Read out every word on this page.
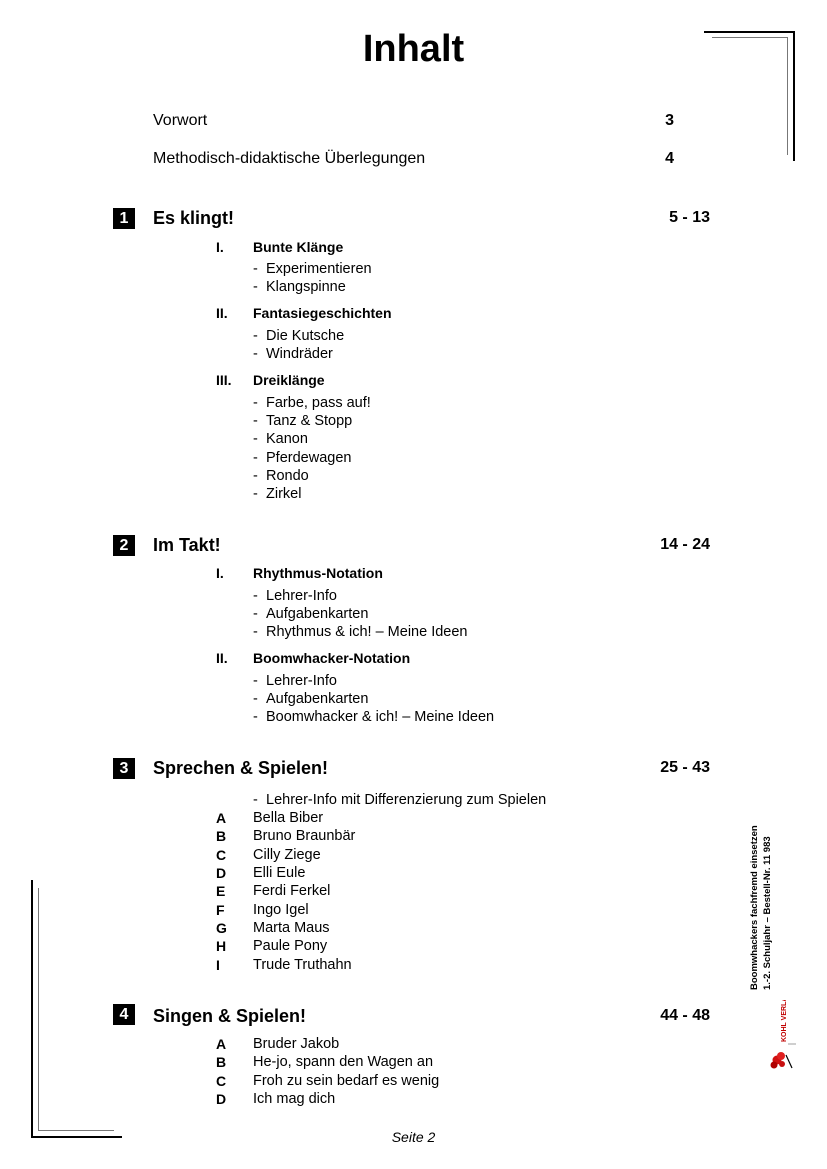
Inhalt
Vorwort	3
Methodisch-didaktische Überlegungen	4
1	Es klingt!	5 - 13
I. Bunte Klänge
- Experimentieren
- Klangspinne
II. Fantasiegeschichten
- Die Kutsche
- Windräder
III. Dreiklänge
- Farbe, pass auf!
- Tanz & Stopp
- Kanon
- Pferdewagen
- Rondo
- Zirkel
2	Im Takt!	14 - 24
I. Rhythmus-Notation
- Lehrer-Info
- Aufgabenkarten
- Rhythmus & ich! – Meine Ideen
II. Boomwhacker-Notation
- Lehrer-Info
- Aufgabenkarten
- Boomwhacker & ich! – Meine Ideen
3	Sprechen & Spielen!	25 - 43
- Lehrer-Info mit Differenzierung zum Spielen
A Bella Biber
B Bruno Braunbär
C Cilly Ziege
D Elli Eule
E Ferdi Ferkel
F Ingo Igel
G Marta Maus
H Paule Pony
I Trude Truthahn
4	Singen & Spielen!	44 - 48
A Bruder Jakob
B He-jo, spann den Wagen an
C Froh zu sein bedarf es wenig
D Ich mag dich
Seite 2
Boomwhackers fachfremd einsetzen 1.-2. Schuljahr – Bestell-Nr. 11 983
KOHL VERLAG
